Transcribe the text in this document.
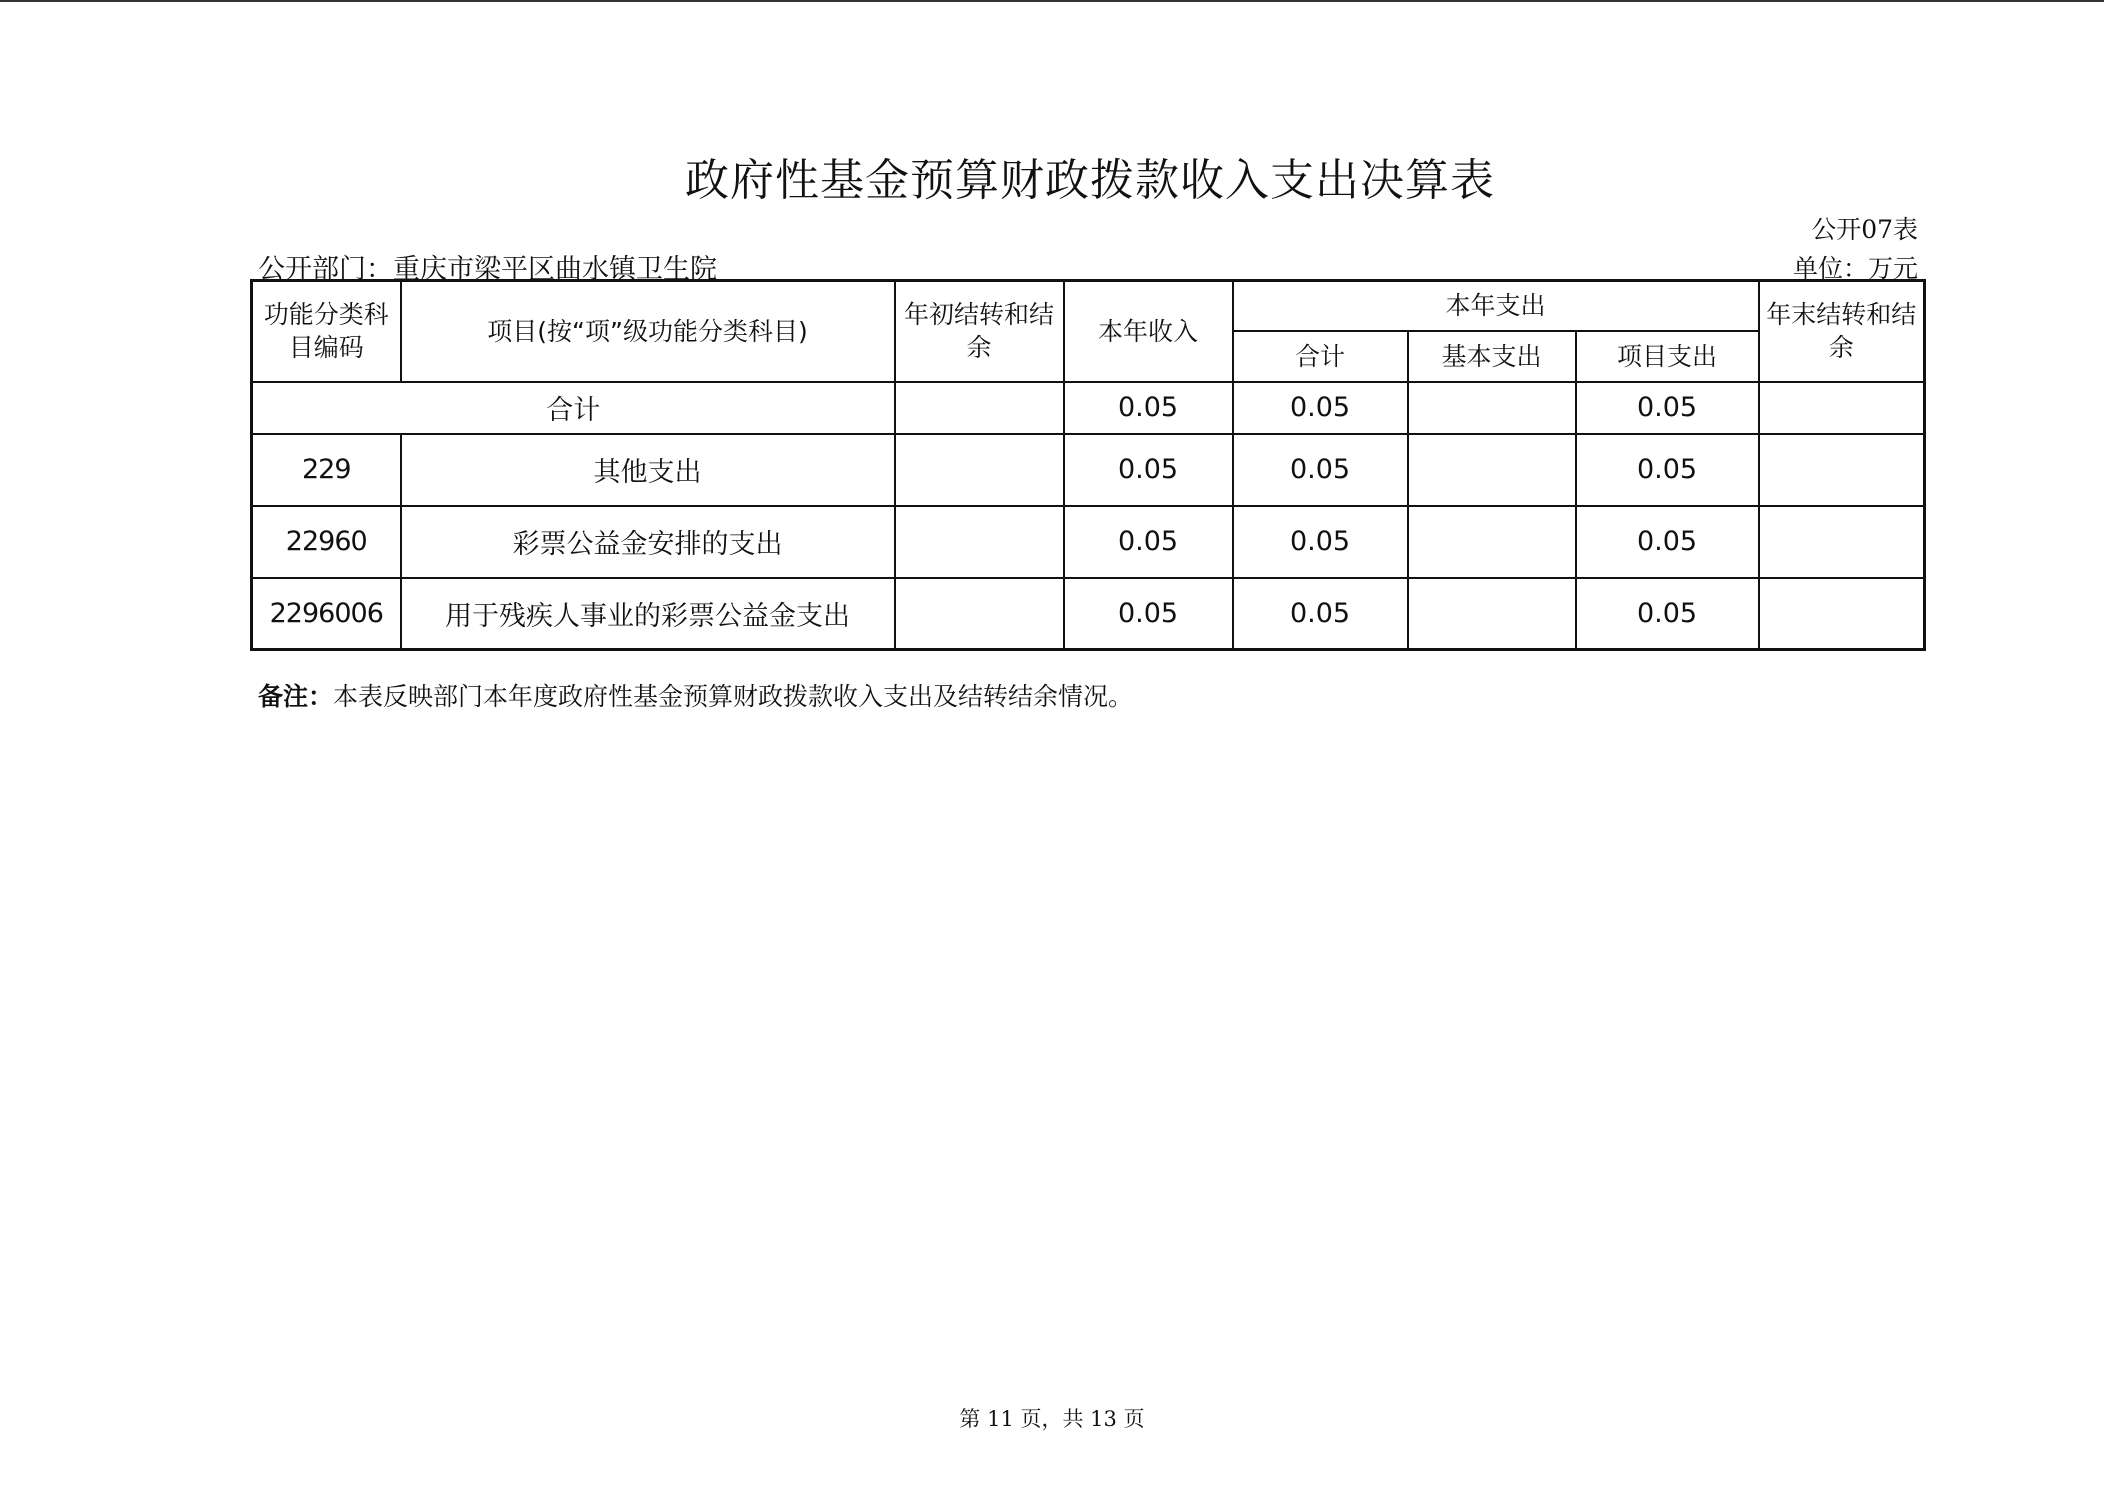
政府性基金预算财政拨款收入支出决算表
公开07表
公开部门：重庆市梁平区曲水镇卫生院	单位：万元
功能分类科目编码	项目(按“项”级功能分类科目)	年初结转和结余	本年收入	本年支出			年末结转和结余
				合计	基本支出	项目支出	
合计			0.05	0.05		0.05	
229	其他支出		0.05	0.05		0.05	
22960	彩票公益金安排的支出		0.05	0.05		0.05	
2296006	用于残疾人事业的彩票公益金支出		0.05	0.05		0.05	
备注：本表反映部门本年度政府性基金预算财政拨款收入支出及结转结余情况。
第 11 页，共 13 页
